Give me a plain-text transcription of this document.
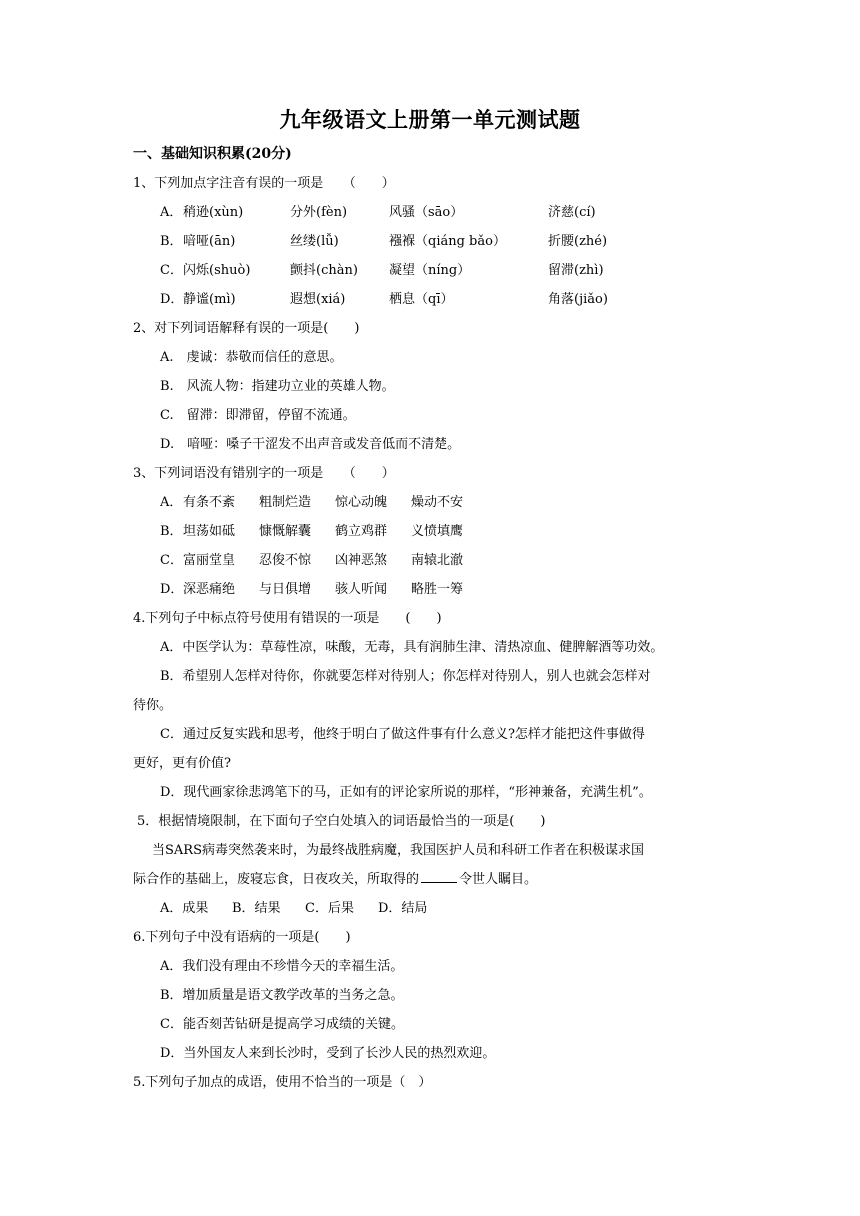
九年级语文上册第一单元测试题
一、基础知识积累(20分)
1、下列加点字注音有误的一项是　　（　　）
A． 稍逊(xùn)	分外(fèn)	风骚（sāo）	济慈(cí)
B． 喑哑(ān)	丝缕(lǚ)	襁褓（qiáng bǎo）	折腰(zhé)
C． 闪烁(shuò)	颤抖(chàn) 凝望（níng）	留滞(zhì)
D． 静谧(mì)	遐想(xiá)	栖息（qī）	角落(jiǎo)
2、对下列词语解释有误的一项是(　　)
A.　虔诚：恭敬而信任的意思。
B.　风流人物：指建功立业的英雄人物。
C.　留滞：即滞留，停留不流通。
D.　喑哑：嗓子干涩发不出声音或发音低而不清楚。
3、下列词语没有错别字的一项是　　（　　）
A． 有条不紊 粗制烂造 惊心动魄 燥动不安
B． 坦荡如砥 慷慨解囊 鹤立鸡群 义愤填鹰
C． 富丽堂皇 忍俊不惊 凶神恶煞 南辕北澈
D． 深恶痛绝 与日俱增 骇人听闻 略胜一筹
4.下列句子中标点符号使用有错误的一项是　　(　　)
A．中医学认为：草莓性凉，味酸，无毒，具有润肺生津、清热凉血、健脾解酒等功效。
B．希望别人怎样对待你，你就要怎样对待别人；你怎样对待别人，别人也就会怎样对
待你。
C．通过反复实践和思考，他终于明白了做这件事有什么意义?怎样才能把这件事做得
更好，更有价值?
D．现代画家徐悲鸿笔下的马，正如有的评论家所说的那样，“形神兼备，充满生机”。
5．根据情境限制，在下面句子空白处填入的词语最恰当的一项是(　　)
当SARS病毒突然袭来时，为最终战胜病魔，我国医护人员和科研工作者在积极谋求国
际合作的基础上，废寝忘食，日夜攻关，所取得的	令世人瞩目。
A．成果 B．结果 C．后果 D．结局
6.下列句子中没有语病的一项是(　　)
A．我们没有理由不珍惜今天的幸福生活。
B．增加质量是语文教学改革的当务之急。
C．能否刻苦钻研是提高学习成绩的关键。
D．当外国友人来到长沙时，受到了长沙人民的热烈欢迎。
5.下列句子加点的成语，使用不恰当的一项是（　）
